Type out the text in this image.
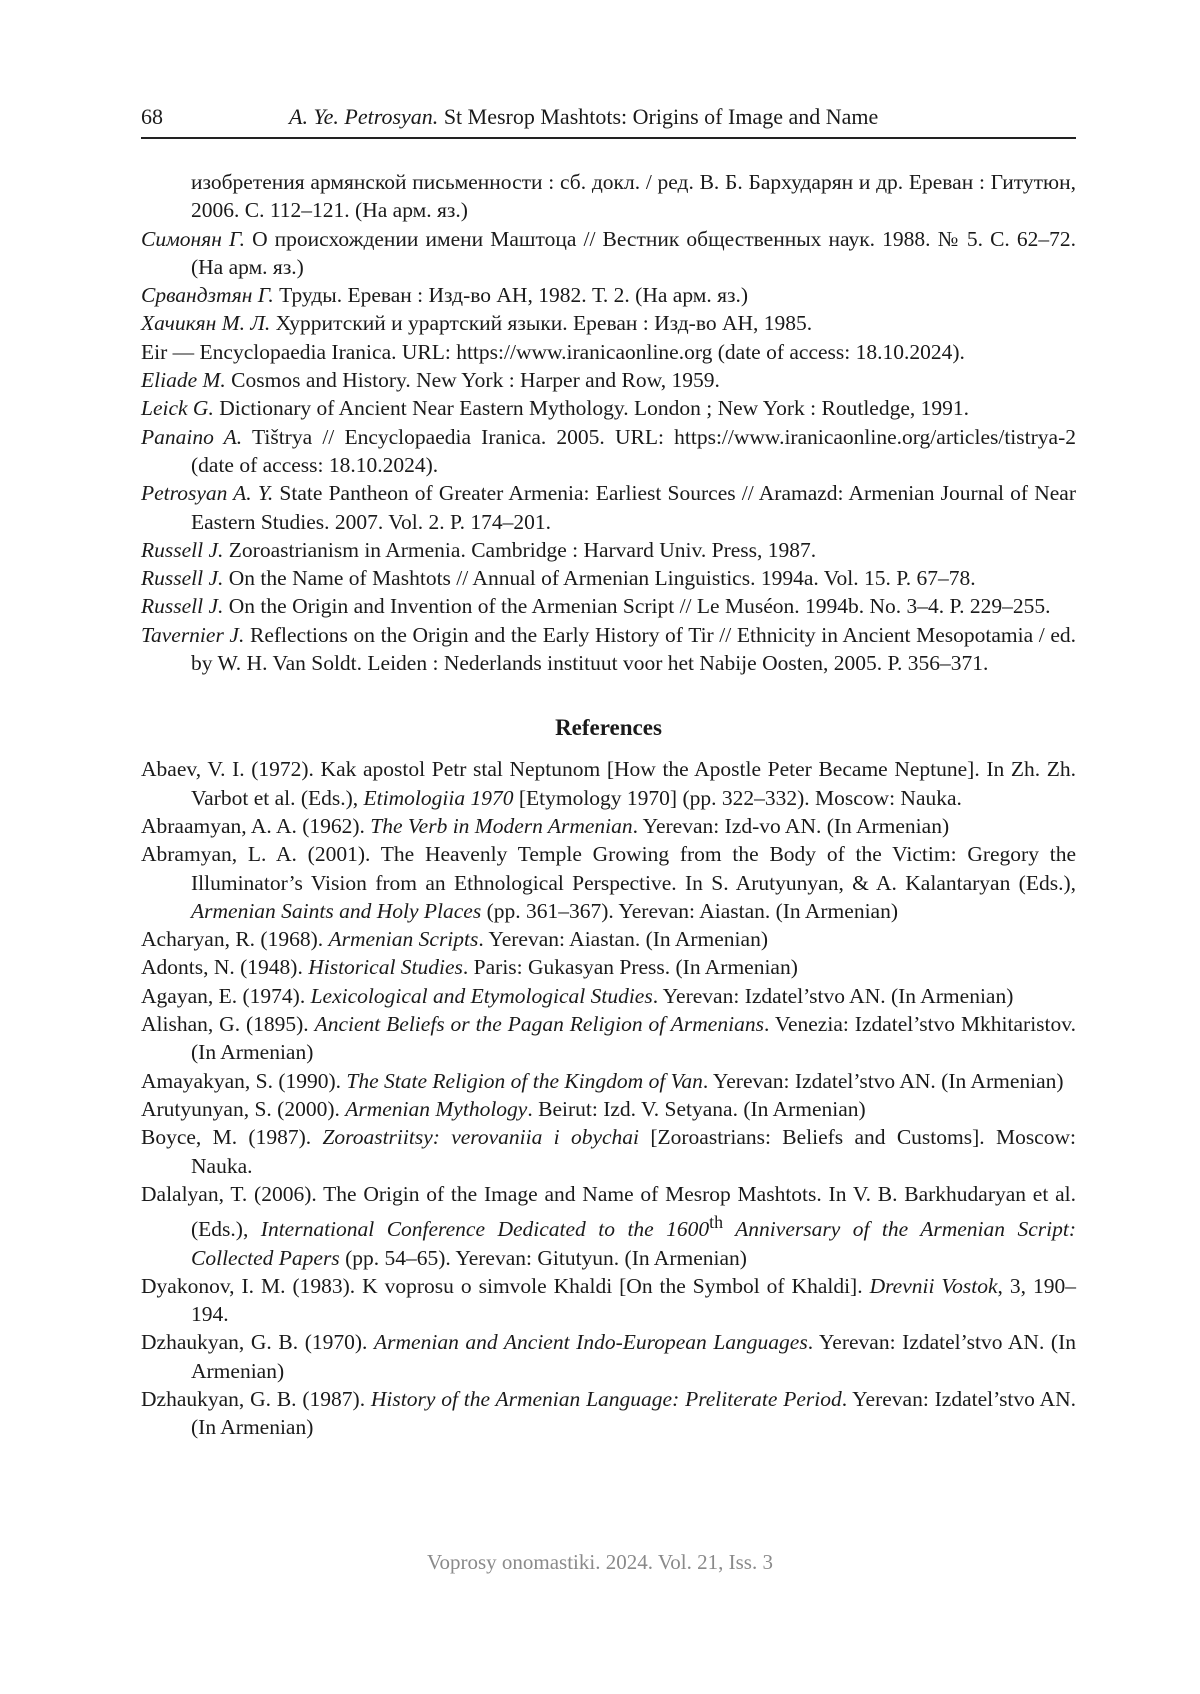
68	A. Ye. Petrosyan. St Mesrop Mashtots: Origins of Image and Name

изобретения армянской письменности : сб. докл. / ред. В. Б. Бархударян и др. Ереван : Гитутюн, 2006. С. 112–121. (На арм. яз.)

Симонян Г. О происхождении имени Маштоца // Вестник общественных наук. 1988. № 5. С. 62–72. (На арм. яз.)

Срвандзтян Г. Труды. Ереван : Изд-во АН, 1982. Т. 2. (На арм. яз.)

Хачикян М. Л. Хурритский и урартский языки. Ереван : Изд-во АН, 1985.

Eir — Encyclopaedia Iranica. URL: https://www.iranicaonline.org (date of access: 18.10.2024).

Eliade M. Cosmos and History. New York : Harper and Row, 1959.

Leick G. Dictionary of Ancient Near Eastern Mythology. London ; New York : Routledge, 1991.

Panaino A. Tištrya // Encyclopaedia Iranica. 2005. URL: https://www.iranicaonline.org/articles/tistrya-2 (date of access: 18.10.2024).

Petrosyan A. Y. State Pantheon of Greater Armenia: Earliest Sources // Aramazd: Armenian Journal of Near Eastern Studies. 2007. Vol. 2. P. 174–201.

Russell J. Zoroastrianism in Armenia. Cambridge : Harvard Univ. Press, 1987.

Russell J. On the Name of Mashtots // Annual of Armenian Linguistics. 1994a. Vol. 15. P. 67–78.

Russell J. On the Origin and Invention of the Armenian Script // Le Muséon. 1994b. No. 3–4. P. 229–255.

Tavernier J. Reflections on the Origin and the Early History of Tir // Ethnicity in Ancient Mesopotamia / ed. by W. H. Van Soldt. Leiden : Nederlands instituut voor het Nabije Oosten, 2005. P. 356–371.

References

Abaev, V. I. (1972). Kak apostol Petr stal Neptunom [How the Apostle Peter Became Neptune]. In Zh. Zh. Varbot et al. (Eds.), Etimologiia 1970 [Etymology 1970] (pp. 322–332). Moscow: Nauka.

Abraamyan, A. A. (1962). The Verb in Modern Armenian. Yerevan: Izd-vo AN. (In Armenian)

Abramyan, L. A. (2001). The Heavenly Temple Growing from the Body of the Victim: Gregory the Illuminator’s Vision from an Ethnological Perspective. In S. Arutyunyan, & A. Kalantaryan (Eds.), Armenian Saints and Holy Places (pp. 361–367). Yerevan: Aiastan. (In Armenian)

Acharyan, R. (1968). Armenian Scripts. Yerevan: Aiastan. (In Armenian)

Adonts, N. (1948). Historical Studies. Paris: Gukasyan Press. (In Armenian)

Agayan, E. (1974). Lexicological and Etymological Studies. Yerevan: Izdatel’stvo AN. (In Armenian)

Alishan, G. (1895). Ancient Beliefs or the Pagan Religion of Armenians. Venezia: Izdatel’stvo Mkhitaristov. (In Armenian)

Amayakyan, S. (1990). The State Religion of the Kingdom of Van. Yerevan: Izdatel’stvo AN. (In Armenian)

Arutyunyan, S. (2000). Armenian Mythology. Beirut: Izd. V. Setyana. (In Armenian)

Boyce, M. (1987). Zoroastriitsy: verovaniia i obychai [Zoroastrians: Beliefs and Customs]. Moscow: Nauka.

Dalalyan, T. (2006). The Origin of the Image and Name of Mesrop Mashtots. In V. B. Barkhudaryan et al. (Eds.), International Conference Dedicated to the 1600th Anniversary of the Armenian Script: Collected Papers (pp. 54–65). Yerevan: Gitutyun. (In Armenian)

Dyakonov, I. M. (1983). K voprosu o simvole Khaldi [On the Symbol of Khaldi]. Drevnii Vostok, 3, 190–194.

Dzhaukyan, G. B. (1970). Armenian and Ancient Indo-European Languages. Yerevan: Izdatel’stvo AN. (In Armenian)

Dzhaukyan, G. B. (1987). History of the Armenian Language: Preliterate Period. Yerevan: Izdatel’stvo AN. (In Armenian)

Voprosy onomastiki. 2024. Vol. 21, Iss. 3
